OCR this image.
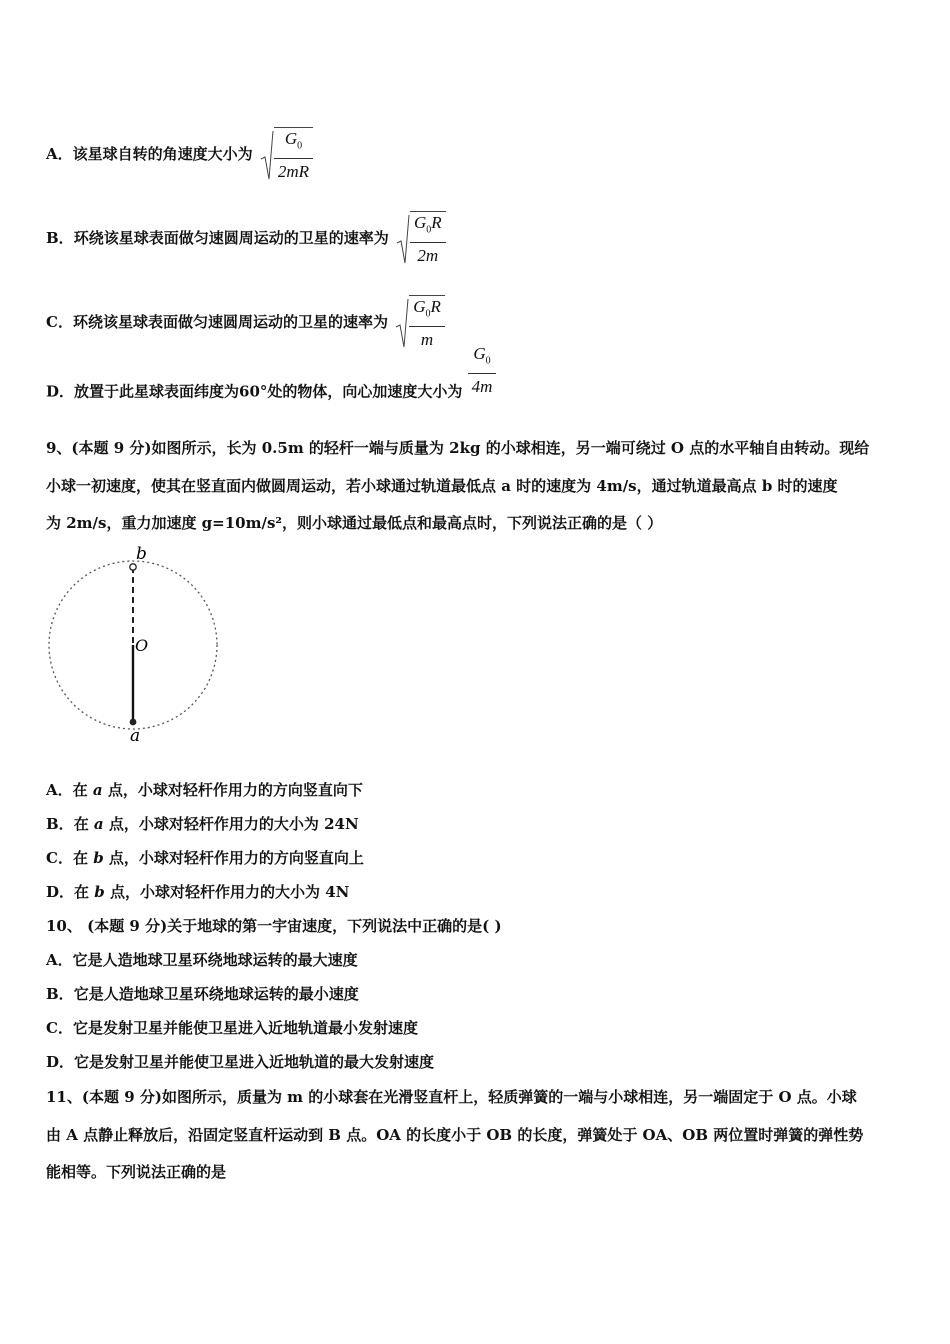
A．该星球自转的角速度大小为 $\frac{G_0}{2mR}$
B．环绕该星球表面做匀速圆周运动的卫星的速率为 $\frac{G_0R}{2m}$
C．环绕该星球表面做匀速圆周运动的卫星的速率为 $\frac{G_0R}{m}$
D．放置于此星球表面纬度为60°处的物体，向心加速度大小为 $\frac{G_0}{4m}$
9、(本题 9 分)如图所示，长为 0.5m 的轻杆一端与质量为 2kg 的小球相连，另一端可绕过 O 点的水平轴自由转动。现给
小球一初速度，使其在竖直面内做圆周运动，若小球通过轨道最低点 a 时的速度为 4m/s，通过轨道最高点 b 时的速度
为 2m/s，重力加速度 g=10m/s²，则小球通过最低点和最高点时，下列说法正确的是（ ）
b
O
a
A．在 a 点，小球对轻杆作用力的方向竖直向下
B．在 a 点，小球对轻杆作用力的大小为 24N
C．在 b 点，小球对轻杆作用力的方向竖直向上
D．在 b 点，小球对轻杆作用力的大小为 4N
10、 (本题 9 分)关于地球的第一宇宙速度，下列说法中正确的是( )
A．它是人造地球卫星环绕地球运转的最大速度
B．它是人造地球卫星环绕地球运转的最小速度
C．它是发射卫星并能使卫星进入近地轨道最小发射速度
D．它是发射卫星并能使卫星进入近地轨道的最大发射速度
11、(本题 9 分)如图所示，质量为 m 的小球套在光滑竖直杆上，轻质弹簧的一端与小球相连，另一端固定于 O 点。小球
由 A 点静止释放后，沿固定竖直杆运动到 B 点。OA 的长度小于 OB 的长度，弹簧处于 OA、OB 两位置时弹簧的弹性势
能相等。下列说法正确的是
